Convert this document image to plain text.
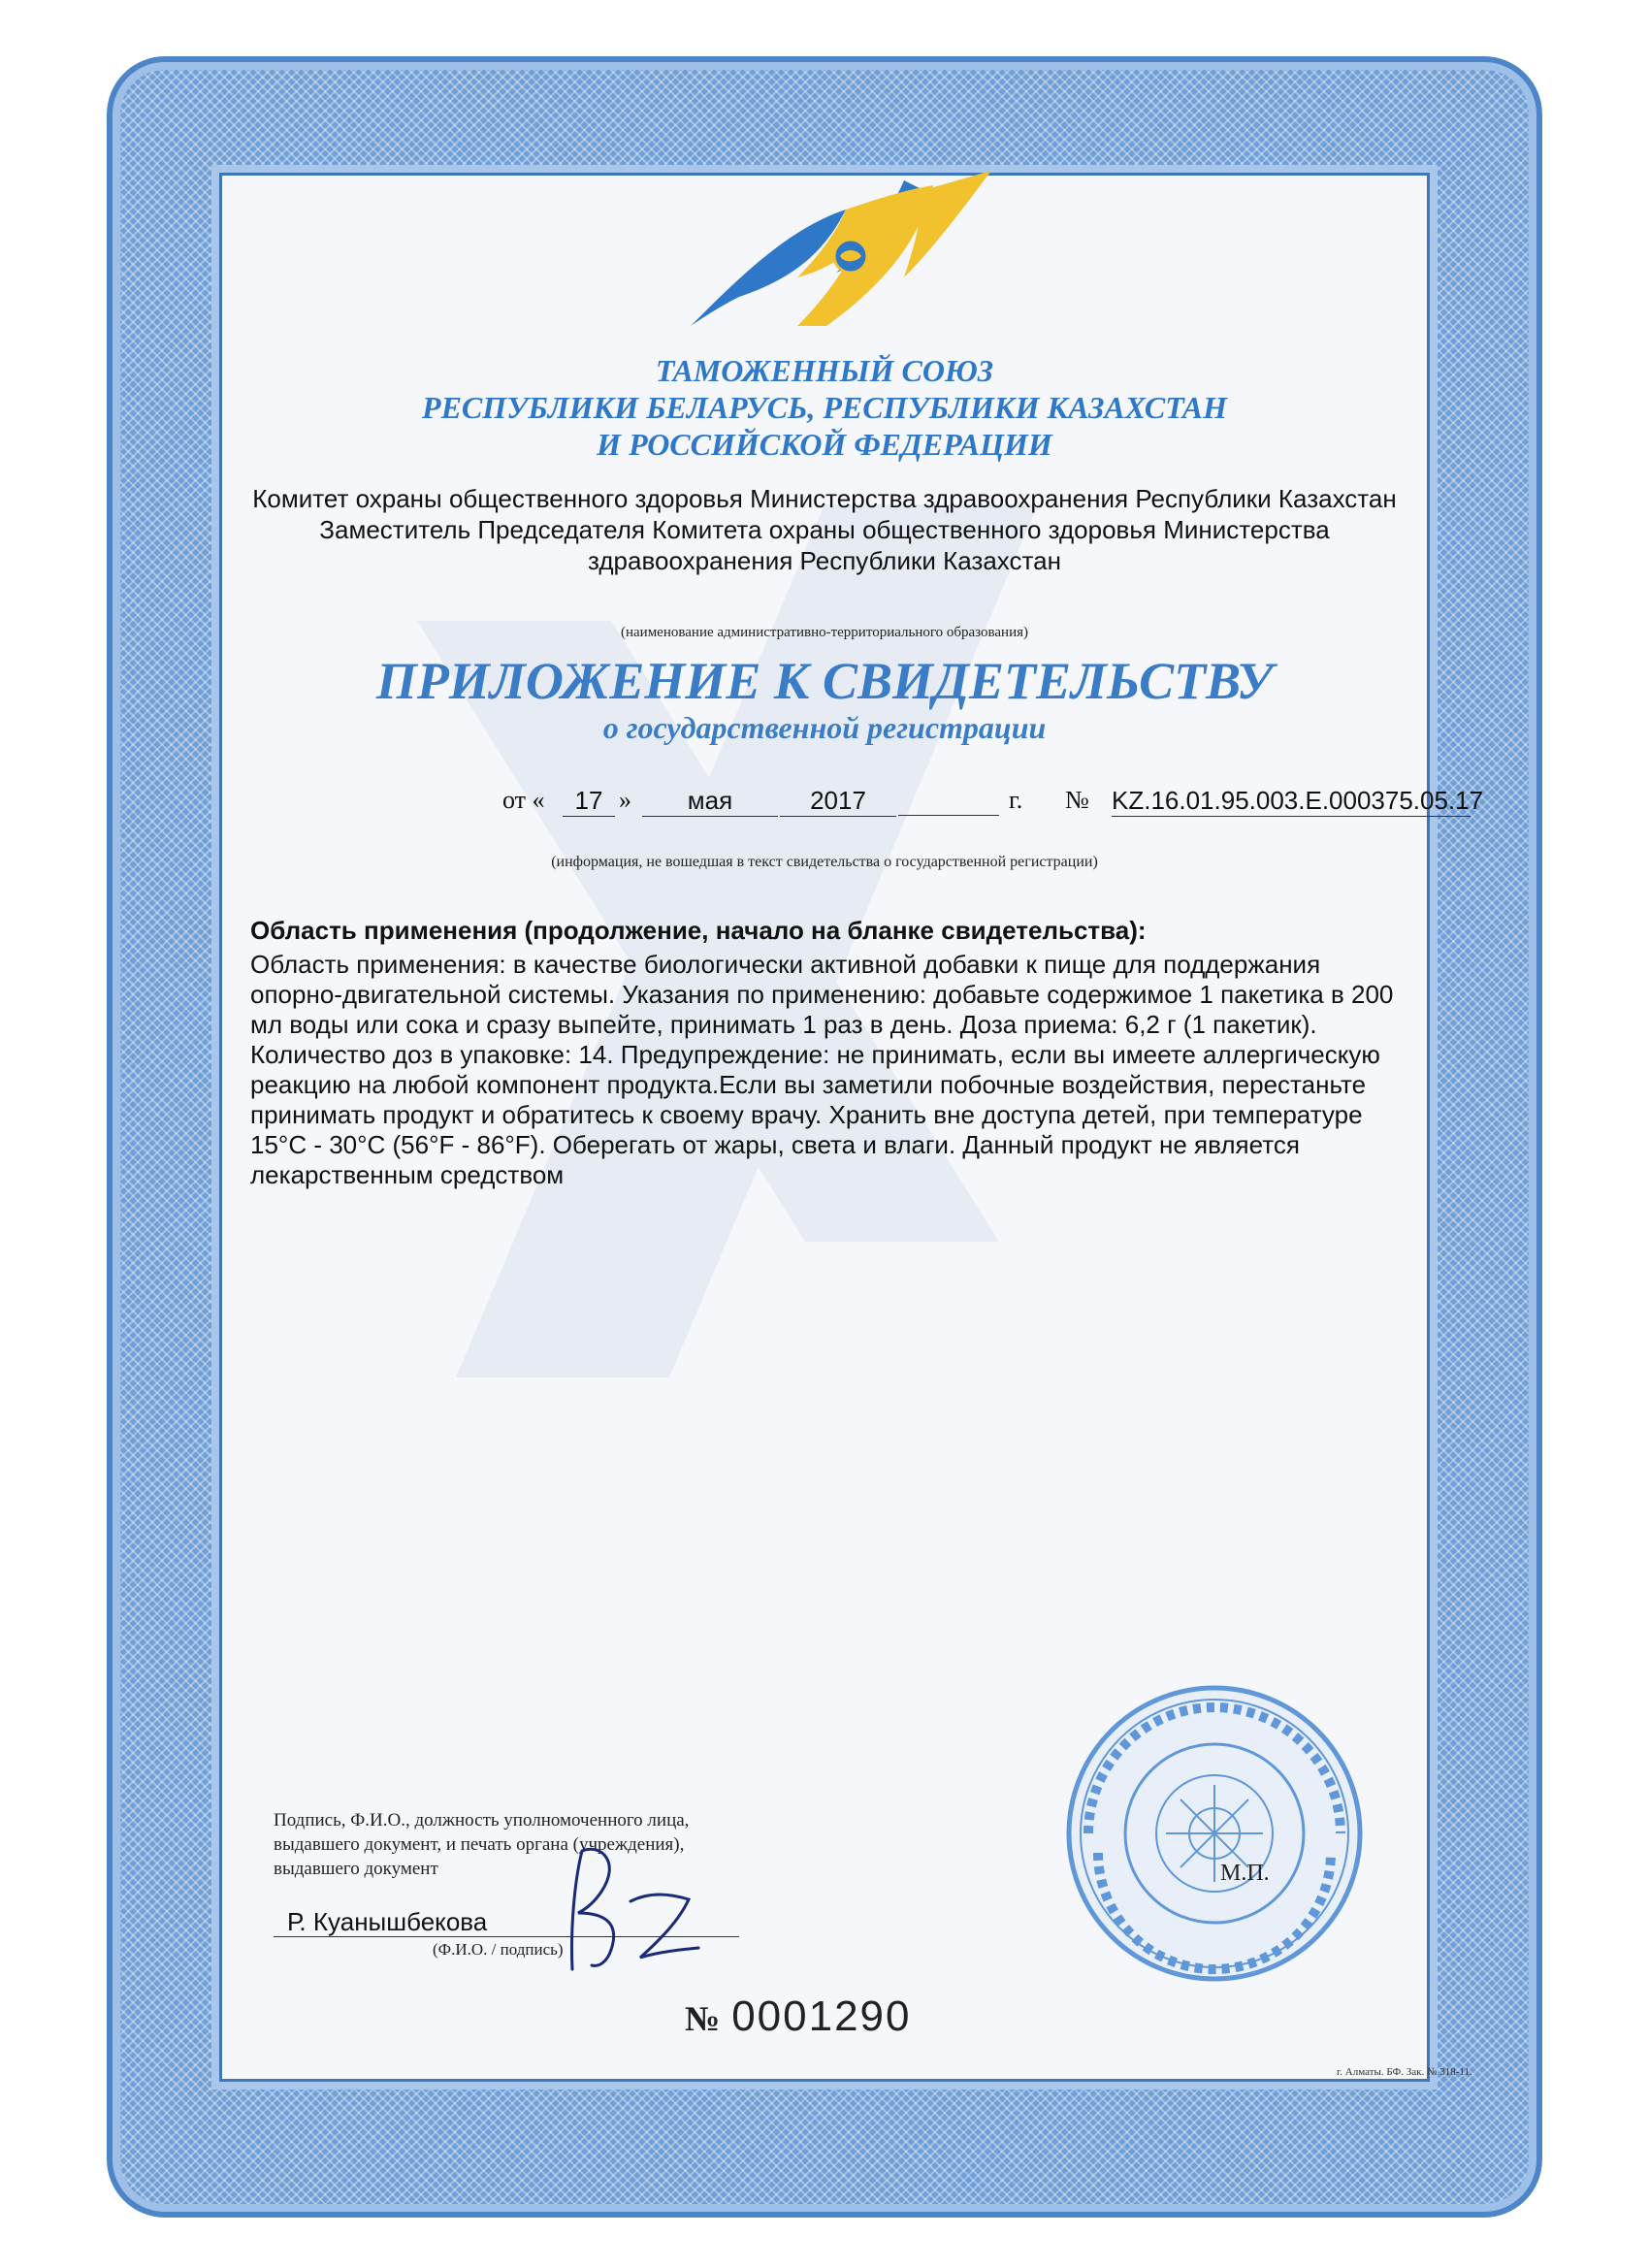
ТАМОЖЕННЫЙ СОЮЗ
РЕСПУБЛИКИ БЕЛАРУСЬ, РЕСПУБЛИКИ КАЗАХСТАН
И РОССИЙСКОЙ ФЕДЕРАЦИИ
Комитет охраны общественного здоровья Министерства здравоохранения Республики Казахстан
Заместитель Председателя Комитета охраны общественного здоровья Министерства
здравоохранения Республики Казахстан
(наименование административно-территориального образования)
ПРИЛОЖЕНИЕ К СВИДЕТЕЛЬСТВУ
о государственной регистрации
от «	17 »	мая	2017	г. № KZ.16.01.95.003.E.000375.05.17
(информация, не вошедшая в текст свидетельства о государственной регистрации)

Область применения (продолжение, начало на бланке свидетельства):

Область применения: в качестве биологически активной добавки к пище для поддержания

опорно-двигательной системы. Указания по применению: добавьте содержимое 1 пакетика в 200

мл воды или сока и сразу выпейте, принимать 1 раз в день. Доза приема: 6,2 г (1 пакетик).

Количество доз в упаковке: 14. Предупреждение: не принимать, если вы имеете аллергическую

реакцию на любой компонент продукта.Если вы заметили побочные воздействия, перестаньте

принимать продукт и обратитесь к своему врачу. Хранить вне доступа детей, при температуре

15°С - 30°С (56°F - 86°F). Оберегать от жары, света и влаги. Данный продукт не является

лекарственным средством

Подпись, Ф.И.О., должность уполномоченного лица,
выдавшего документ, и печать органа (учреждения),
выдавшего документ
Р. Куанышбекова
(Ф.И.О. / подпись)
М.П.
№ 0001290
г. Алматы. БФ. Зак. № 318-11.
